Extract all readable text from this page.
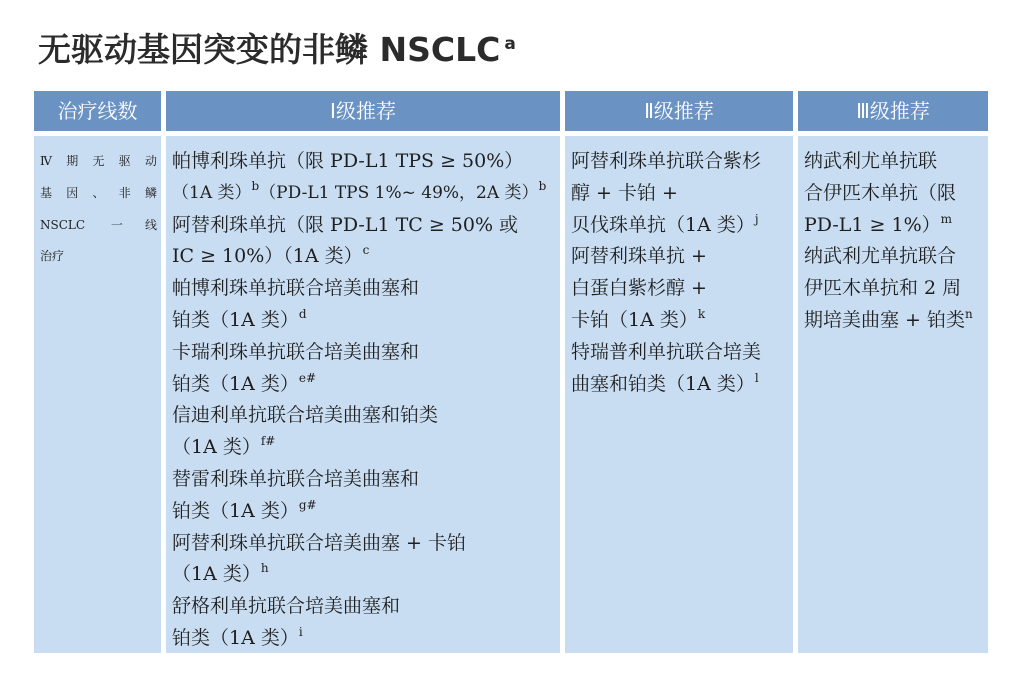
无驱动基因突变的非鳞 NSCLC $^a$
治疗线数

Ⅳ期无驱动
基因、非鳞
NSCLC 一线
治疗

Ⅰ级推荐

帕博利珠单抗（限 PD-L1 TPS ≥ 50%）
（1A 类）$^b$（PD-L1 TPS 1%~ 49%，2A 类）$^b$
阿替利珠单抗（限 PD-L1 TC ≥ 50% 或
IC ≥ 10%）（1A 类）$^c$
帕博利珠单抗联合培美曲塞和
铂类（1A 类）$^d$
卡瑞利珠单抗联合培美曲塞和
铂类（1A 类）$^{e\#}$
信迪利单抗联合培美曲塞和铂类
（1A 类）$^{f\#}$
替雷利珠单抗联合培美曲塞和
铂类（1A 类）$^{g\#}$
阿替利珠单抗联合培美曲塞 + 卡铂
（1A 类）$^h$
舒格利单抗联合培美曲塞和
铂类（1A 类）$^i$

Ⅱ级推荐

阿替利珠单抗联合紫杉
醇 + 卡铂 +
贝伐珠单抗（1A 类）$^j$
阿替利珠单抗 +
白蛋白紫杉醇 +
卡铂（1A 类）$^k$
特瑞普利单抗联合培美
曲塞和铂类（1A 类）$^l$

Ⅲ级推荐

纳武利尤单抗联
合伊匹木单抗（限
PD-L1 ≥ 1%）$^m$
纳武利尤单抗联合
伊匹木单抗和 2 周
期培美曲塞 + 铂类$^n$
